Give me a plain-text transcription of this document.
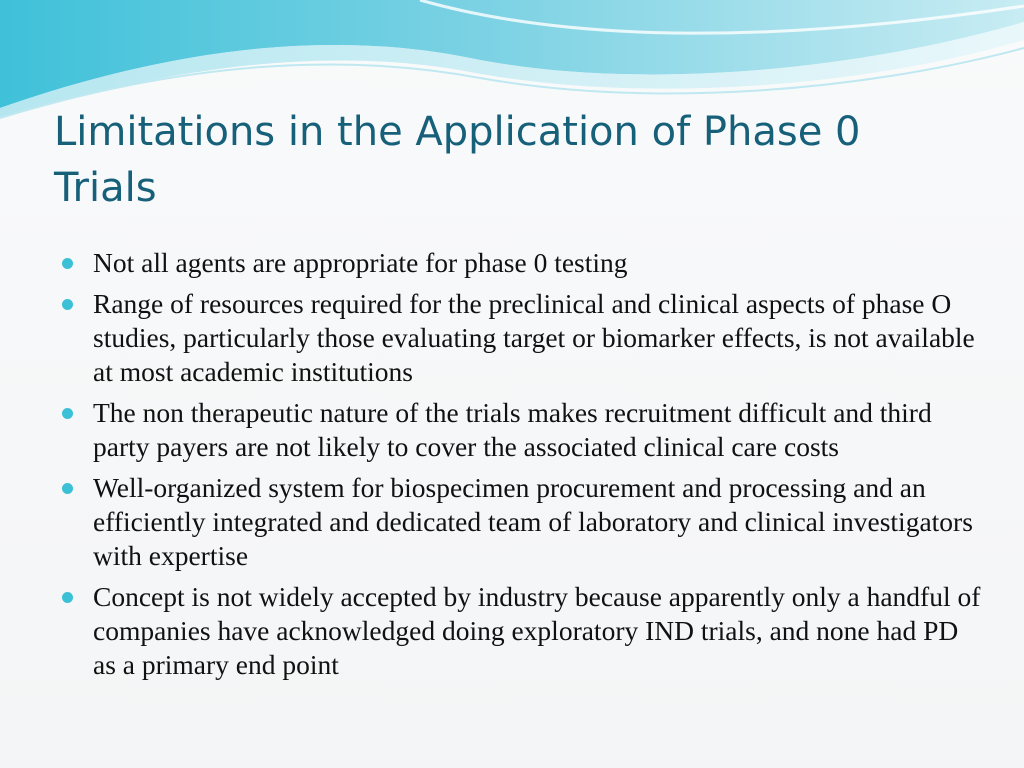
Limitations in the Application of Phase 0 Trials
Not all agents are appropriate for phase 0 testing
Range of resources required for the preclinical and clinical aspects of phase O studies, particularly those evaluating target or biomarker effects, is not available at most academic institutions
The non therapeutic nature of the trials makes recruitment difficult and third party payers are not likely to cover the associated clinical care costs
Well-organized system for biospecimen procurement and processing and an efficiently integrated and dedicated team of laboratory and clinical investigators with expertise
Concept is not widely accepted by industry because apparently only a handful of companies have acknowledged doing exploratory IND trials, and none had PD as a primary end point
